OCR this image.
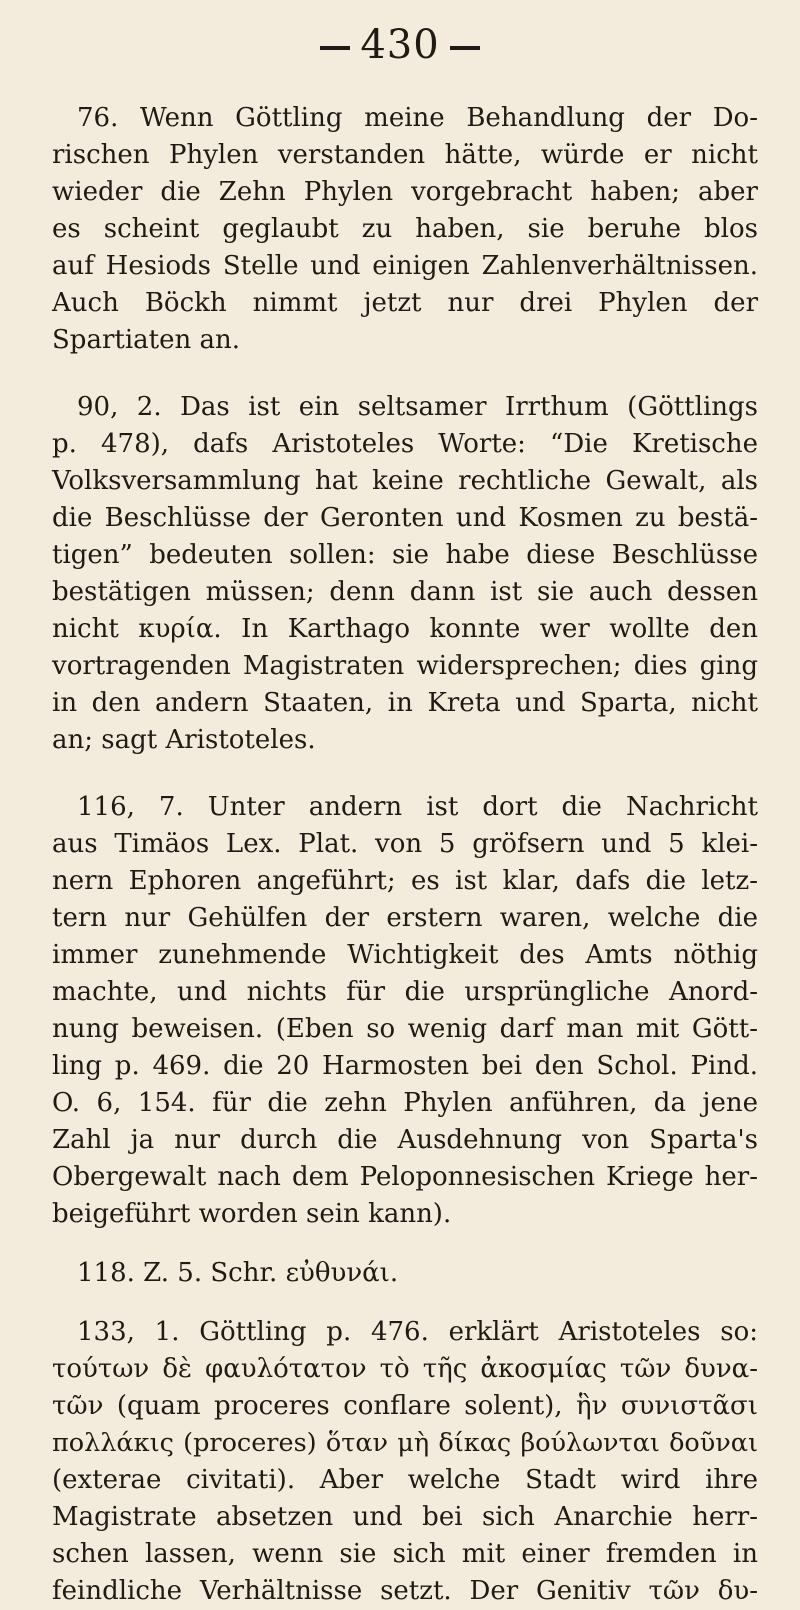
430
76. Wenn Göttling meine Behandlung der Do-
rischen Phylen verstanden hätte, würde er nicht
wieder die Zehn Phylen vorgebracht haben; aber
es scheint geglaubt zu haben, sie beruhe blos
auf Hesiods Stelle und einigen Zahlenverhältnissen.
Auch Böckh nimmt jetzt nur drei Phylen der
Spartiaten an.
90, 2. Das ist ein seltsamer Irrthum (Göttlings
p. 478), dafs Aristoteles Worte: “Die Kretische
Volksversammlung hat keine rechtliche Gewalt, als
die Beschlüsse der Geronten und Kosmen zu bestä-
tigen” bedeuten sollen: sie habe diese Beschlüsse
bestätigen müssen; denn dann ist sie auch dessen
nicht κυρία. In Karthago konnte wer wollte den
vortragenden Magistraten widersprechen; dies ging
in den andern Staaten, in Kreta und Sparta, nicht
an; sagt Aristoteles.
116, 7. Unter andern ist dort die Nachricht
aus Timäos Lex. Plat. von 5 gröfsern und 5 klei-
nern Ephoren angeführt; es ist klar, dafs die letz-
tern nur Gehülfen der erstern waren, welche die
immer zunehmende Wichtigkeit des Amts nöthig
machte, und nichts für die ursprüngliche Anord-
nung beweisen. (Eben so wenig darf man mit Gött-
ling p. 469. die 20 Harmosten bei den Schol. Pind.
O. 6, 154. für die zehn Phylen anführen, da jene
Zahl ja nur durch die Ausdehnung von Sparta's
Obergewalt nach dem Peloponnesischen Kriege her-
beigeführt worden sein kann).
118. Z. 5. Schr. εὐθυνάι.
133, 1. Göttling p. 476. erklärt Aristoteles so:
τούτων δὲ φαυλότατον τὸ τῆς ἀκοσμίας τῶν δυνα-
τῶν (quam proceres conflare solent), ἣν συνιστᾶσι
πολλάκις (proceres) ὅταν μὴ δίκας βούλωνται δοῦναι
(exterae civitati). Aber welche Stadt wird ihre
Magistrate absetzen und bei sich Anarchie herr-
schen lassen, wenn sie sich mit einer fremden in
feindliche Verhältnisse setzt. Der Genitiv τῶν δυ-
